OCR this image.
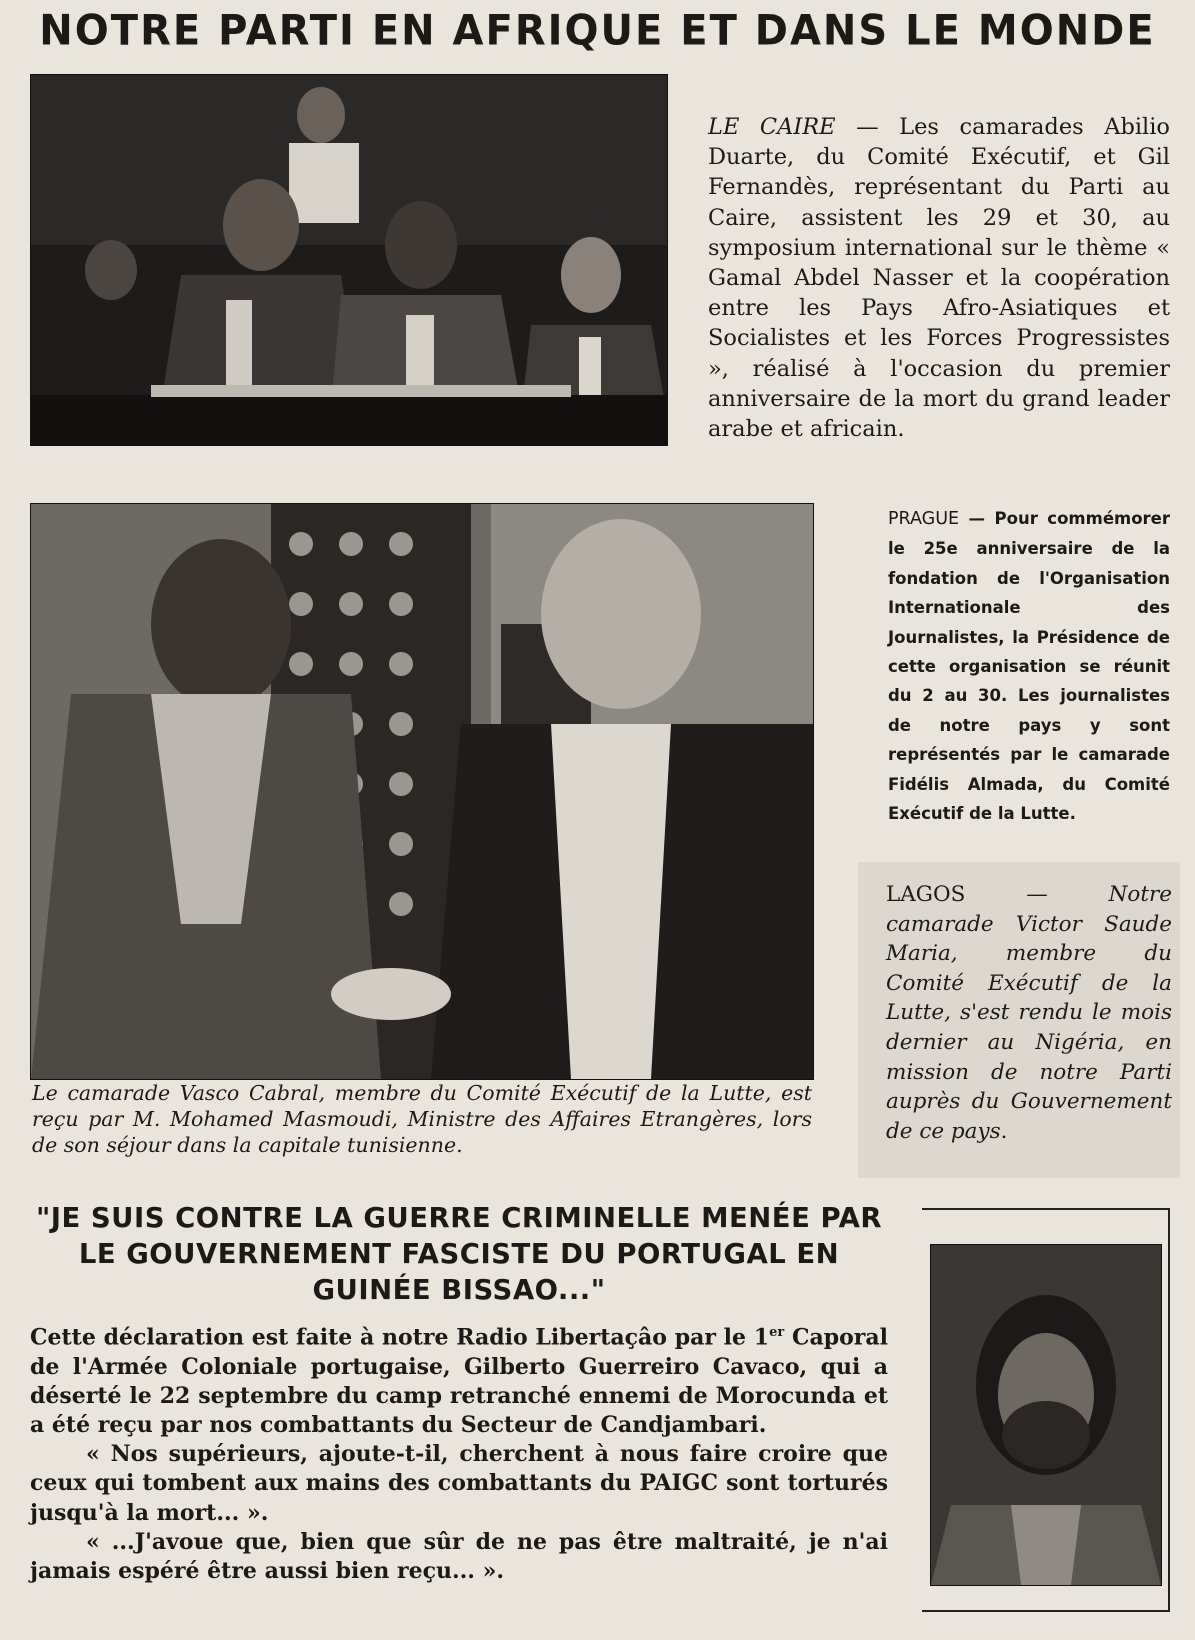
NOTRE PARTI EN AFRIQUE ET DANS LE MONDE
LE CAIRE — Les camarades Abilio Duarte, du Comité Exécutif, et Gil Fernandès, représentant du Parti au Caire, assistent les 29 et 30, au symposium international sur le thème « Gamal Abdel Nasser et la coopération entre les Pays Afro-Asiatiques et Socialistes et les Forces Progressistes », réalisé à l'occasion du premier anniversaire de la mort du grand leader arabe et africain.
PRAGUE — Pour commémorer le 25e anniversaire de la fondation de l'Organisation Internationale des Journalistes, la Présidence de cette organisation se réunit du 2 au 30. Les journalistes de notre pays y sont représentés par le camarade Fidélis Almada, du Comité Exécutif de la Lutte.
LAGOS — Notre camarade Victor Saude Maria, membre du Comité Exécutif de la Lutte, s'est rendu le mois dernier au Nigéria, en mission de notre Parti auprès du Gouvernement de ce pays.
Le camarade Vasco Cabral, membre du Comité Exécutif de la Lutte, est reçu par M. Mohamed Masmoudi, Ministre des Affaires Etrangères, lors de son séjour dans la capitale tunisienne.
"JE SUIS CONTRE LA GUERRE CRIMINELLE MENÉE PAR LE GOUVERNEMENT FASCISTE DU PORTUGAL EN GUINÉE BISSAO..."

Cette déclaration est faite à notre Radio Libertaçâo par le 1er Caporal de l'Armée Coloniale portugaise, Gilberto Guerreiro Cavaco, qui a déserté le 22 septembre du camp retranché ennemi de Morocunda et a été reçu par nos combattants du Secteur de Candjambari.

« Nos supérieurs, ajoute-t-il, cherchent à nous faire croire que ceux qui tombent aux mains des combattants du PAIGC sont torturés jusqu'à la mort... ».

« ...J'avoue que, bien que sûr de ne pas être maltraité, je n'ai jamais espéré être aussi bien reçu... ».
